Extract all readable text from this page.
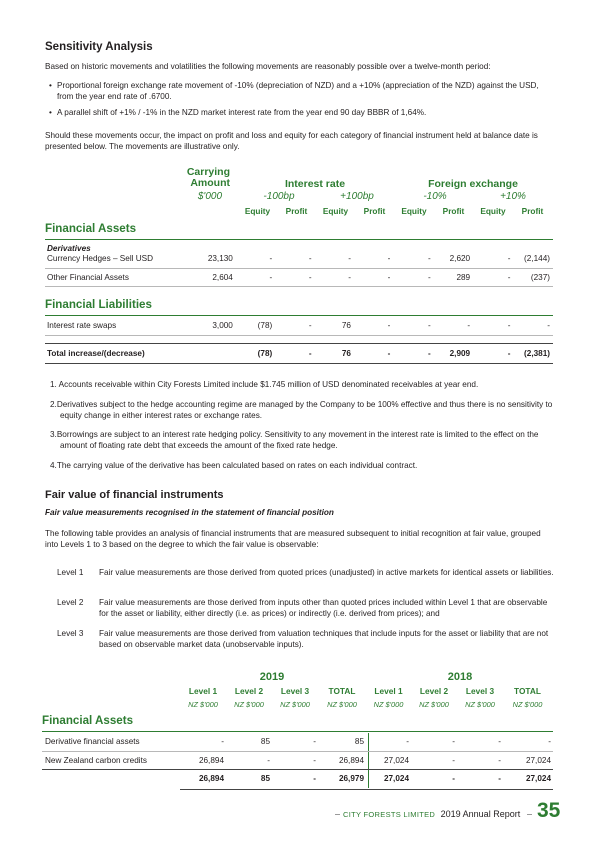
Sensitivity Analysis
Based on historic movements and volatilities the following movements are reasonably possible over a twelve-month period:
• Proportional foreign exchange rate movement of -10% (depreciation of NZD) and a +10% (appreciation of the NZD) against the USD, from the year end rate of .6700.
• A parallel shift of +1% / -1% in the NZD market interest rate from the year end 90 day BBBR of 1,64%.
Should these movements occur, the impact on profit and loss and equity for each category of financial instrument held at balance date is presented below. The movements are illustrative only.
Carrying Amount
$'000
Interest rate	Foreign exchange
-100bp	+100bp	-10%	+10%
Equity	Profit	Equity	Profit	Equity	Profit	Equity	Profit
Financial Assets
Derivatives
Currency Hedges – Sell USD	23,130	-	-	-	-	-	2,620	-	(2,144)
Other Financial Assets	2,604	-	-	-	-	-	289	-	(237)
Financial Liabilities
Interest rate swaps	3,000	(78)	-	76	-	-	-	-	-
Total increase/(decrease)		(78)	-	76	-	-	2,909	-	(2,381)
1. Accounts receivable within City Forests Limited include $1.745 million of USD denominated receivables at year end.
2.Derivatives subject to the hedge accounting regime are managed by the Company to be 100% effective and thus there is no sensitivity to equity change in either interest rates or exchange rates.
3.Borrowings are subject to an interest rate hedging policy. Sensitivity to any movement in the interest rate is limited to the effect on the amount of floating rate debt that exceeds the amount of the fixed rate hedge.
4.The carrying value of the derivative has been calculated based on rates on each individual contract.
Fair value of financial instruments
Fair value measurements recognised in the statement of financial position
The following table provides an analysis of financial instruments that are measured subsequent to initial recognition at fair value, grouped into Levels 1 to 3 based on the degree to which the fair value is observable:
Level 1 Fair value measurements are those derived from quoted prices (unadjusted) in active markets for identical assets or liabilities.
Level 2 Fair value measurements are those derived from inputs other than quoted prices included within Level 1 that are observable for the asset or liability, either directly (i.e. as prices) or indirectly (i.e. derived from prices); and
Level 3 Fair value measurements are those derived from valuation techniques that include inputs for the asset or liability that are not based on observable market data (unobservable inputs).
2019	2018
Level 1	Level 2	Level 3	TOTAL	Level 1	Level 2	Level 3	TOTAL
NZ $'000	NZ $'000	NZ $'000	NZ $'000	NZ $'000	NZ $'000	NZ $'000	NZ $'000
Financial Assets
Derivative financial assets	-	85	-	85	-	-	-	-
New Zealand carbon credits	26,894	-	-	26,894	27,024	-	-	27,024
	26,894	85	-	26,979	27,024	-	-	27,024
CITY FORESTS LIMITED 2019 Annual Report 35
